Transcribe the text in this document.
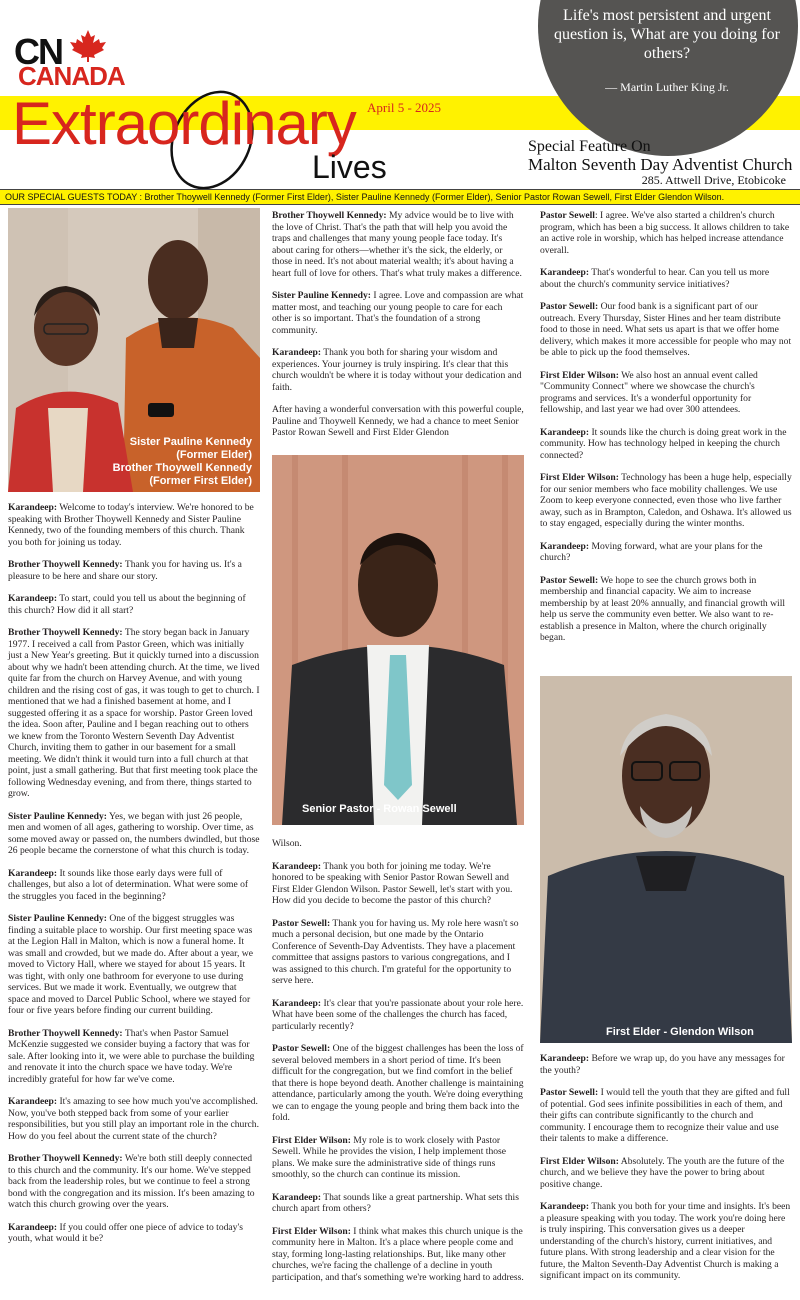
CN
CANADA
Life's most persistent and urgent question is, What are you doing for others?
— Martin Luther King Jr.
April 5 - 2025
Extraordinary
Lives
Special Feature On
Malton Seventh Day Adventist Church
285. Attwell Drive, Etobicoke
OUR SPECIAL GUESTS TODAY : Brother Thoywell Kennedy (Former First Elder), Sister Pauline Kennedy (Former Elder), Senior Pastor Rowan Sewell, First Elder Glendon Wilson.
Sister Pauline Kennedy
(Former Elder)
Brother Thoywell Kennedy
(Former First Elder)
Senior Pastor - Rowan Sewell
First Elder - Glendon Wilson

Karandeep: Welcome to today's interview. We're honored to be speaking with Brother Thoywell Kennedy and Sister Pauline Kennedy, two of the founding members of this church. Thank you both for joining us today.

Brother Thoywell Kennedy: Thank you for having us. It's a pleasure to be here and share our story.

Karandeep: To start, could you tell us about the beginning of this church? How did it all start?

Brother Thoywell Kennedy: The story began back in January 1977. I received a call from Pastor Green, which was initially just a New Year's greeting. But it quickly turned into a discussion about why we hadn't been attending church. At the time, we lived quite far from the church on Harvey Avenue, and with young children and the rising cost of gas, it was tough to get to church. I mentioned that we had a finished basement at home, and I suggested offering it as a space for worship. Pastor Green loved the idea. Soon after, Pauline and I began reaching out to others we knew from the Toronto Western Seventh Day Adventist Church, inviting them to gather in our basement for a small meeting. We didn't think it would turn into a full church at that point, just a small gathering. But that first meeting took place the following Wednesday evening, and from there, things started to grow.

Sister Pauline Kennedy: Yes, we began with just 26 people, men and women of all ages, gathering to worship. Over time, as some moved away or passed on, the numbers dwindled, but those 26 people became the cornerstone of what this church is today.

Karandeep: It sounds like those early days were full of challenges, but also a lot of determination. What were some of the struggles you faced in the beginning?

Sister Pauline Kennedy: One of the biggest struggles was finding a suitable place to worship. Our first meeting space was at the Legion Hall in Malton, which is now a funeral home. It was small and crowded, but we made do. After about a year, we moved to Victory Hall, where we stayed for about 15 years. It was tight, with only one bathroom for everyone to use during services. But we made it work. Eventually, we outgrew that space and moved to Darcel Public School, where we stayed for four or five years before finding our current building.

Brother Thoywell Kennedy: That's when Pastor Samuel McKenzie suggested we consider buying a factory that was for sale. After looking into it, we were able to purchase the building and renovate it into the church space we have today. We're incredibly grateful for how far we've come.

Karandeep: It's amazing to see how much you've accomplished. Now, you've both stepped back from some of your earlier responsibilities, but you still play an important role in the church. How do you feel about the current state of the church?

Brother Thoywell Kennedy: We're both still deeply connected to this church and the community. It's our home. We've stepped back from the leadership roles, but we continue to feel a strong bond with the congregation and its mission. It's been amazing to watch this church growing over the years.

Karandeep: If you could offer one piece of advice to today's youth, what would it be?

Brother Thoywell Kennedy: My advice would be to live with the love of Christ. That's the path that will help you avoid the traps and challenges that many young people face today. It's about caring for others—whether it's the sick, the elderly, or those in need. It's not about material wealth; it's about having a heart full of love for others. That's what truly makes a difference.

Sister Pauline Kennedy: I agree. Love and compassion are what matter most, and teaching our young people to care for each other is so important. That's the foundation of a strong community.

Karandeep: Thank you both for sharing your wisdom and experiences. Your journey is truly inspiring. It's clear that this church wouldn't be where it is today without your dedication and faith.

After having a wonderful conversation with this powerful couple, Pauline and Thoywell Kennedy, we had a chance to meet Senior Pastor Rowan Sewell and First Elder Glendon

Wilson.

Karandeep: Thank you both for joining me today. We're honored to be speaking with Senior Pastor Rowan Sewell and First Elder Glendon Wilson. Pastor Sewell, let's start with you. How did you decide to become the pastor of this church?

Pastor Sewell: Thank you for having us. My role here wasn't so much a personal decision, but one made by the Ontario Conference of Seventh-Day Adventists. They have a placement committee that assigns pastors to various congregations, and I was assigned to this church. I'm grateful for the opportunity to serve here.

Karandeep: It's clear that you're passionate about your role here. What have been some of the challenges the church has faced, particularly recently?

Pastor Sewell: One of the biggest challenges has been the loss of several beloved members in a short period of time. It's been difficult for the congregation, but we find comfort in the belief that there is hope beyond death. Another challenge is maintaining attendance, particularly among the youth. We're doing everything we can to engage the young people and bring them back into the fold.

First Elder Wilson: My role is to work closely with Pastor Sewell. While he provides the vision, I help implement those plans. We make sure the administrative side of things runs smoothly, so the church can continue its mission.

Karandeep: That sounds like a great partnership. What sets this church apart from others?

First Elder Wilson: I think what makes this church unique is the community here in Malton. It's a place where people come and stay, forming long-lasting relationships. But, like many other churches, we're facing the challenge of a decline in youth participation, and that's something we're working hard to address.

Pastor Sewell: I agree. We've also started a children's church program, which has been a big success. It allows children to take an active role in worship, which has helped increase attendance overall.

Karandeep: That's wonderful to hear. Can you tell us more about the church's community service initiatives?

Pastor Sewell: Our food bank is a significant part of our outreach. Every Thursday, Sister Hines and her team distribute food to those in need. What sets us apart is that we offer home delivery, which makes it more accessible for people who may not be able to pick up the food themselves.

First Elder Wilson: We also host an annual event called "Community Connect" where we showcase the church's programs and services. It's a wonderful opportunity for fellowship, and last year we had over 300 attendees.

Karandeep: It sounds like the church is doing great work in the community. How has technology helped in keeping the church connected?

First Elder Wilson: Technology has been a huge help, especially for our senior members who face mobility challenges. We use Zoom to keep everyone connected, even those who live farther away, such as in Brampton, Caledon, and Oshawa. It's allowed us to stay engaged, especially during the winter months.

Karandeep: Moving forward, what are your plans for the church?

Pastor Sewell: We hope to see the church grows both in membership and financial capacity. We aim to increase membership by at least 20% annually, and financial growth will help us serve the community even better. We also want to re-establish a presence in Malton, where the church originally began.

Karandeep: Before we wrap up, do you have any messages for the youth?

Pastor Sewell: I would tell the youth that they are gifted and full of potential. God sees infinite possibilities in each of them, and their gifts can contribute significantly to the church and community. I encourage them to recognize their value and use their talents to make a difference.

First Elder Wilson: Absolutely. The youth are the future of the church, and we believe they have the power to bring about positive change.

Karandeep: Thank you both for your time and insights. It's been a pleasure speaking with you today. The work you're doing here is truly inspiring. This conversation gives us a deeper understanding of the church's history, current initiatives, and future plans. With strong leadership and a clear vision for the future, the Malton Seventh-Day Adventist Church is making a significant impact on its community.
